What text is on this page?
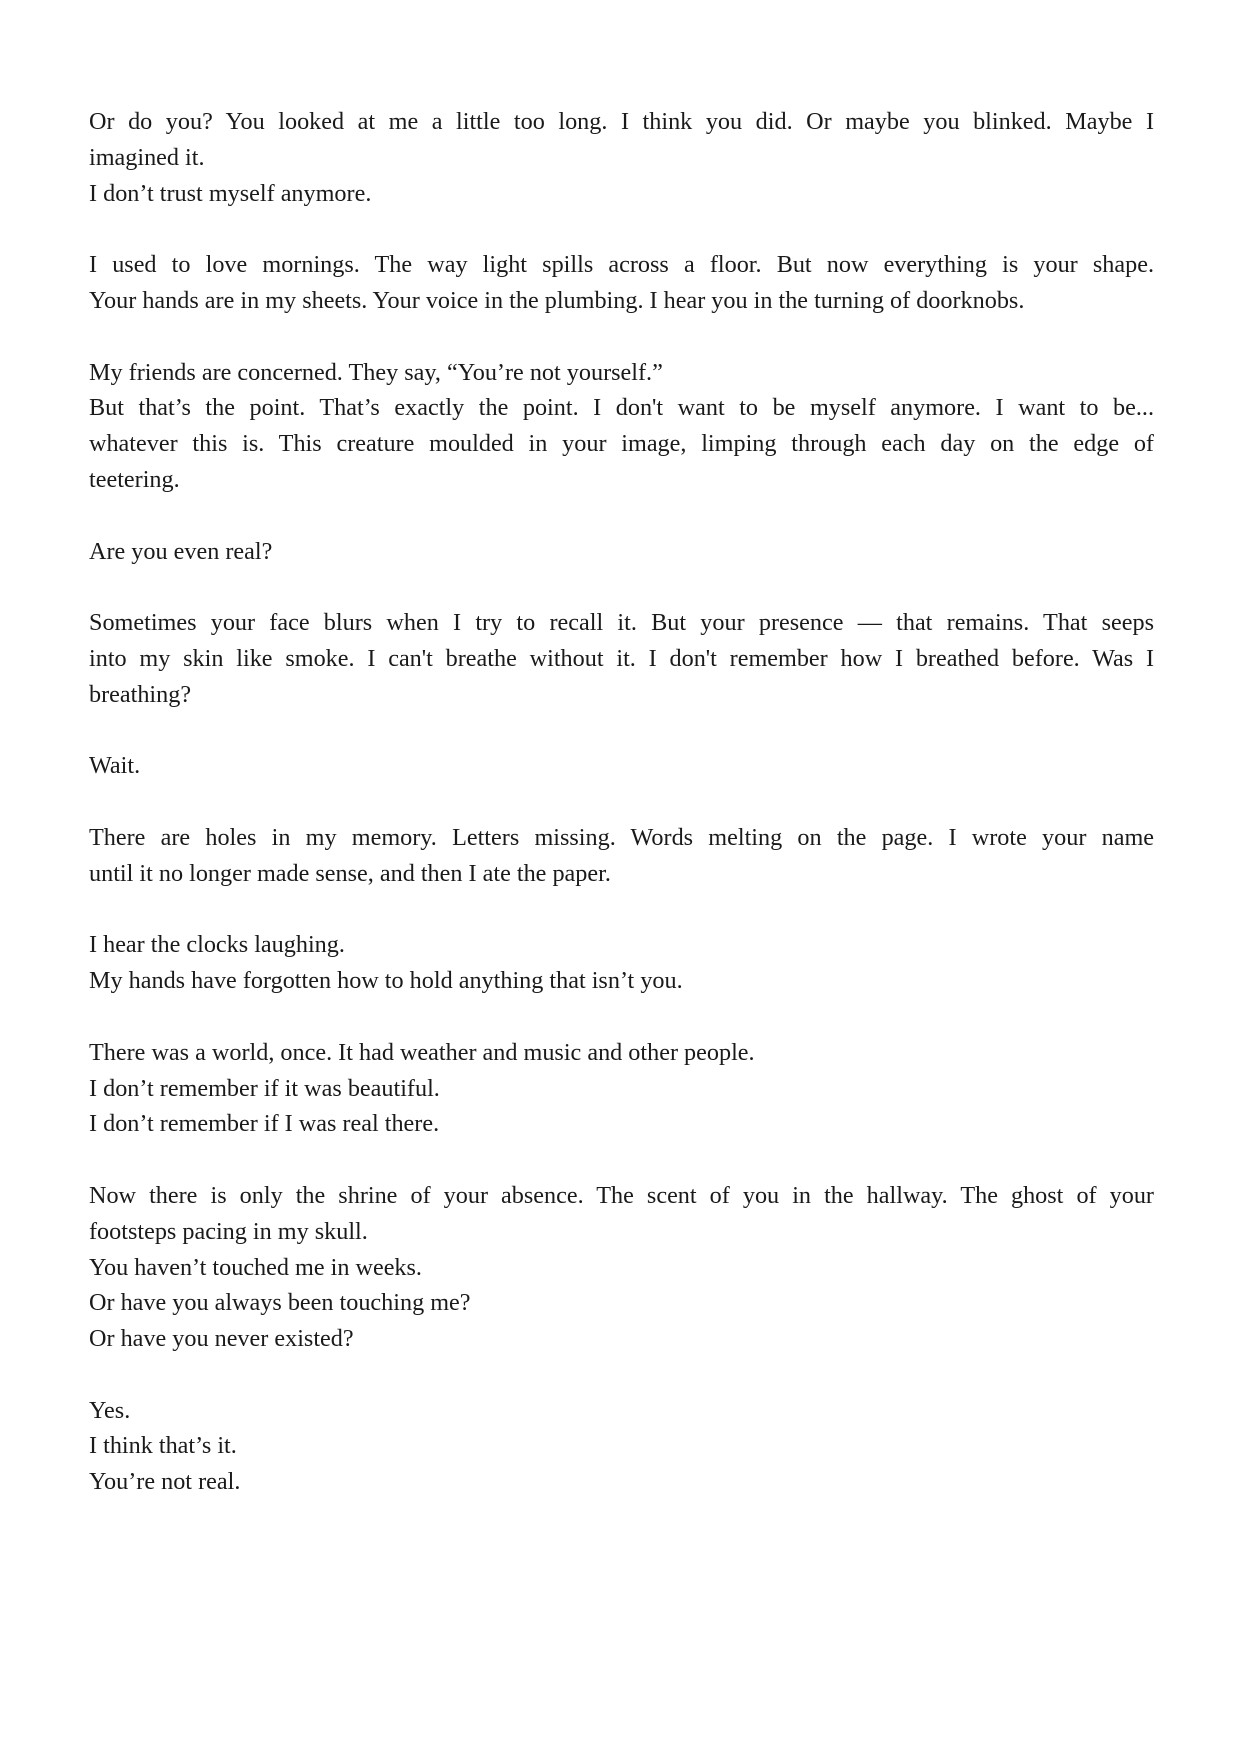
Or do you? You looked at me a little too long. I think you did. Or maybe you blinked. Maybe I
imagined it.
I don’t trust myself anymore.
I used to love mornings. The way light spills across a floor. But now everything is your shape.
Your hands are in my sheets. Your voice in the plumbing. I hear you in the turning of doorknobs.
My friends are concerned. They say, “You’re not yourself.”
But that’s the point. That’s exactly the point. I don't want to be myself anymore. I want to be...
whatever this is. This creature moulded in your image, limping through each day on the edge of
teetering.
Are you even real?
Sometimes your face blurs when I try to recall it. But your presence — that remains. That seeps
into my skin like smoke. I can't breathe without it. I don't remember how I breathed before. Was I
breathing?
Wait.
There are holes in my memory. Letters missing. Words melting on the page. I wrote your name
until it no longer made sense, and then I ate the paper.
I hear the clocks laughing.
My hands have forgotten how to hold anything that isn’t you.
There was a world, once. It had weather and music and other people.
I don’t remember if it was beautiful.
I don’t remember if I was real there.
Now there is only the shrine of your absence. The scent of you in the hallway. The ghost of your
footsteps pacing in my skull.
You haven’t touched me in weeks.
Or have you always been touching me?
Or have you never existed?
Yes.
I think that’s it.
You’re not real.
